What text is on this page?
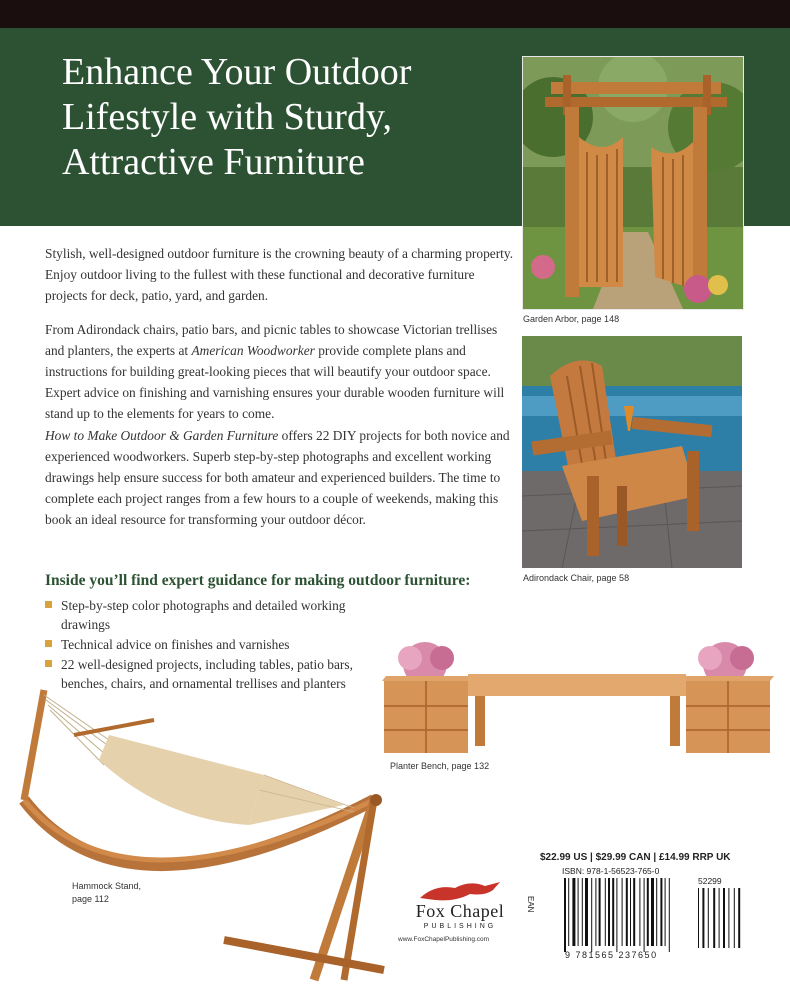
Enhance Your Outdoor
Lifestyle with Sturdy,
Attractive Furniture
Garden Arbor, page 148
Adirondack Chair, page 58

Stylish, well-designed outdoor furniture is the crowning beauty of a charming property. Enjoy outdoor living to the fullest with these functional and decorative furniture projects for deck, patio, yard, and garden.

From Adirondack chairs, patio bars, and picnic tables to showcase Victorian trellises and planters, the experts at American Woodworker provide complete plans and instructions for building great-looking pieces that will beautify your outdoor space. Expert advice on finishing and varnishing ensures your durable wooden furniture will stand up to the elements for years to come.

How to Make Outdoor & Garden Furniture offers 22 DIY projects for both novice and experienced woodworkers. Superb step-by-step photographs and excellent working drawings help ensure success for both amateur and experienced builders. The time to complete each project ranges from a few hours to a couple of weekends, making this book an ideal resource for transforming your outdoor décor.

Inside you’ll find expert guidance for making outdoor furniture:
Step-by-step color photographs and detailed working drawings
Technical advice on finishes and varnishes
22 well-designed projects, including tables, patio bars, benches, chairs, and ornamental trellises and planters
Planter Bench, page 132
Hammock Stand,
page 112
Fox Chapel
PUBLISHING
www.FoxChapelPublishing.com
$22.99 US | $29.99 CAN | £14.99 RRP UK
ISBN: 978-1-56523-765-0
EAN
52299
9 781565 237650
